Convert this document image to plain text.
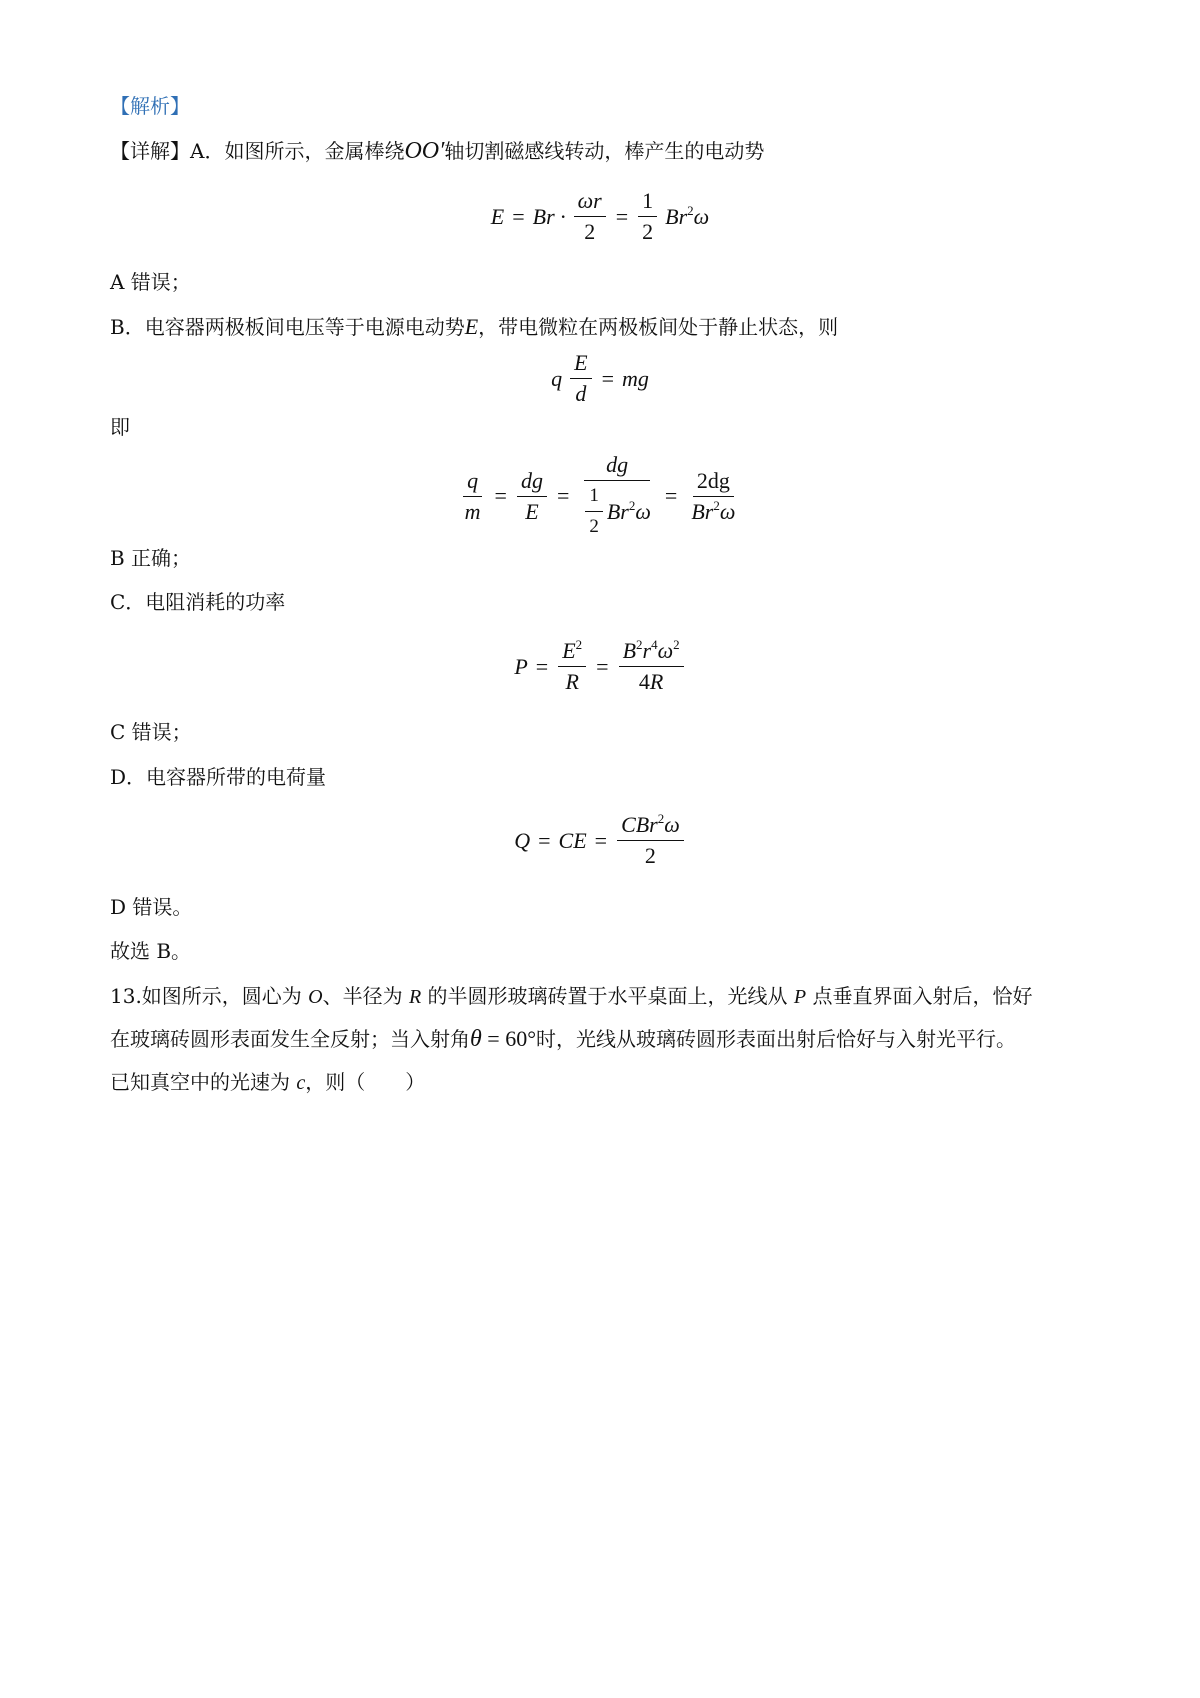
【解析】
【详解】A．如图所示，金属棒绕OO′轴切割磁感线转动，棒产生的电动势
$E = Br \cdot \frac{\omega r}{2} = \frac{1}{2} Br^2\omega$
A 错误；
B．电容器两极板间电压等于电源电动势E，带电微粒在两极板间处于静止状态，则
q $\frac{E}{d}$ = mg
即
$\frac{q}{m} = \frac{dg}{E} = \frac{dg}{\frac{1}{2} Br^2\omega} = \frac{2dg}{Br^2\omega}$
B 正确；
C．电阻消耗的功率
$P = \frac{E^2}{R} = \frac{B^2r^4\omega^2}{4R}$
C 错误；
D．电容器所带的电荷量
Q = CE = $\frac{CBr^2\omega}{2}$
D 错误。
故选 B。
13.如图所示，圆心为 O、半径为 R 的半圆形玻璃砖置于水平桌面上，光线从 P 点垂直界面入射后，恰好
在玻璃砖圆形表面发生全反射；当入射角θ = 60°时，光线从玻璃砖圆形表面出射后恰好与入射光平行。
已知真空中的光速为 c，则（　　）
